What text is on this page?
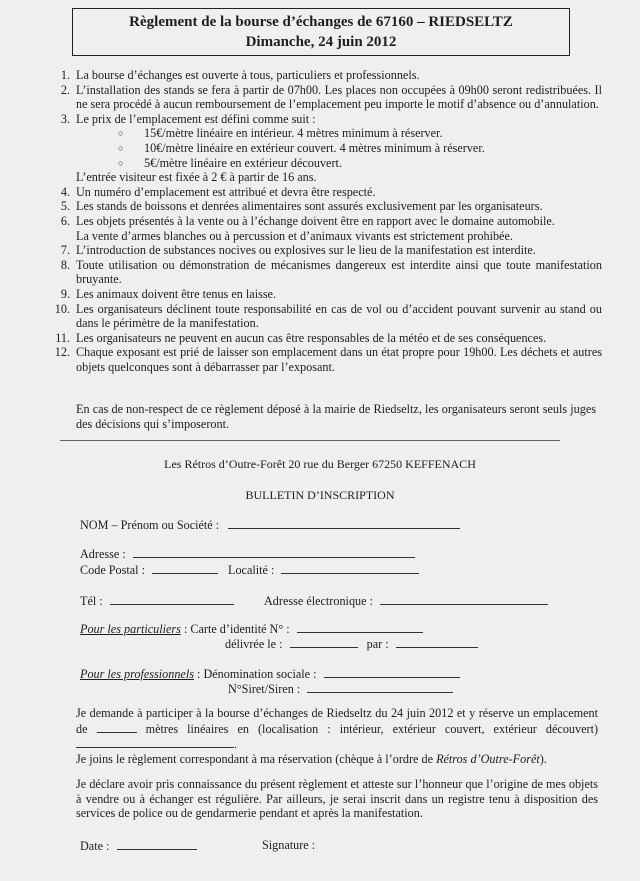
Règlement de la bourse d’échanges de 67160 – RIEDSELTZ
Dimanche, 24 juin 2012
1. La bourse d’échanges est ouverte à tous, particuliers et professionnels.
2. L’installation des stands se fera à partir de 07h00. Les places non occupées à 09h00 seront redistribuées. Il ne sera procédé à aucun remboursement de l’emplacement peu importe le motif d’absence ou d’annulation.
3. Le prix de l’emplacement est défini comme suit :
○	15€/mètre linéaire en intérieur. 4 mètres minimum à réserver.
○	10€/mètre linéaire en extérieur couvert. 4 mètres minimum à réserver.
○	5€/mètre linéaire en extérieur découvert.
L’entrée visiteur est fixée à 2 € à partir de 16 ans.
4. Un numéro d’emplacement est attribué et devra être respecté.
5. Les stands de boissons et denrées alimentaires sont assurés exclusivement par les organisateurs.
6. Les objets présentés à la vente ou à l’échange doivent être en rapport avec le domaine automobile.
La vente d’armes blanches ou à percussion et d’animaux vivants est strictement prohibée.
7. L’introduction de substances nocives ou explosives sur le lieu de la manifestation est interdite.
8. Toute utilisation ou démonstration de mécanismes dangereux est interdite ainsi que toute manifestation bruyante.
9. Les animaux doivent être tenus en laisse.
10. Les organisateurs déclinent toute responsabilité en cas de vol ou d’accident pouvant survenir au stand ou dans le périmètre de la manifestation.
11. Les organisateurs ne peuvent en aucun cas être responsables de la météo et de ses conséquences.
12. Chaque exposant est prié de laisser son emplacement dans un état propre pour 19h00. Les déchets et autres objets quelconques sont à débarrasser par l’exposant.
En cas de non-respect de ce règlement déposé à la mairie de Riedseltz, les organisateurs seront seuls juges des décisions qui s’imposeront.
Les Rétros d’Outre-Forêt 20 rue du Berger 67250 KEFFENACH
BULLETIN D’INSCRIPTION
NOM – Prénom ou Société :
Adresse :
Code Postal :	Localité :
Tél :	Adresse électronique :
Pour les particuliers : Carte d’identité N° :
délivrée le :	par :
Pour les professionnels : Dénomination sociale :
N°Siret/Siren :
Je demande à participer à la bourse d’échanges de Riedseltz du 24 juin 2012 et y réserve un emplacement de	mètres linéaires en (localisation : intérieur, extérieur couvert, extérieur découvert) .
Je joins le règlement correspondant à ma réservation (chèque à l’ordre de Rétros d’Outre-Forêt).
Je déclare avoir pris connaissance du présent règlement et atteste sur l’honneur que l’origine de mes objets à vendre ou à échanger est régulière. Par ailleurs, je serai inscrit dans un registre tenu à disposition des services de police ou de gendarmerie pendant et après la manifestation.
Date :	Signature :
